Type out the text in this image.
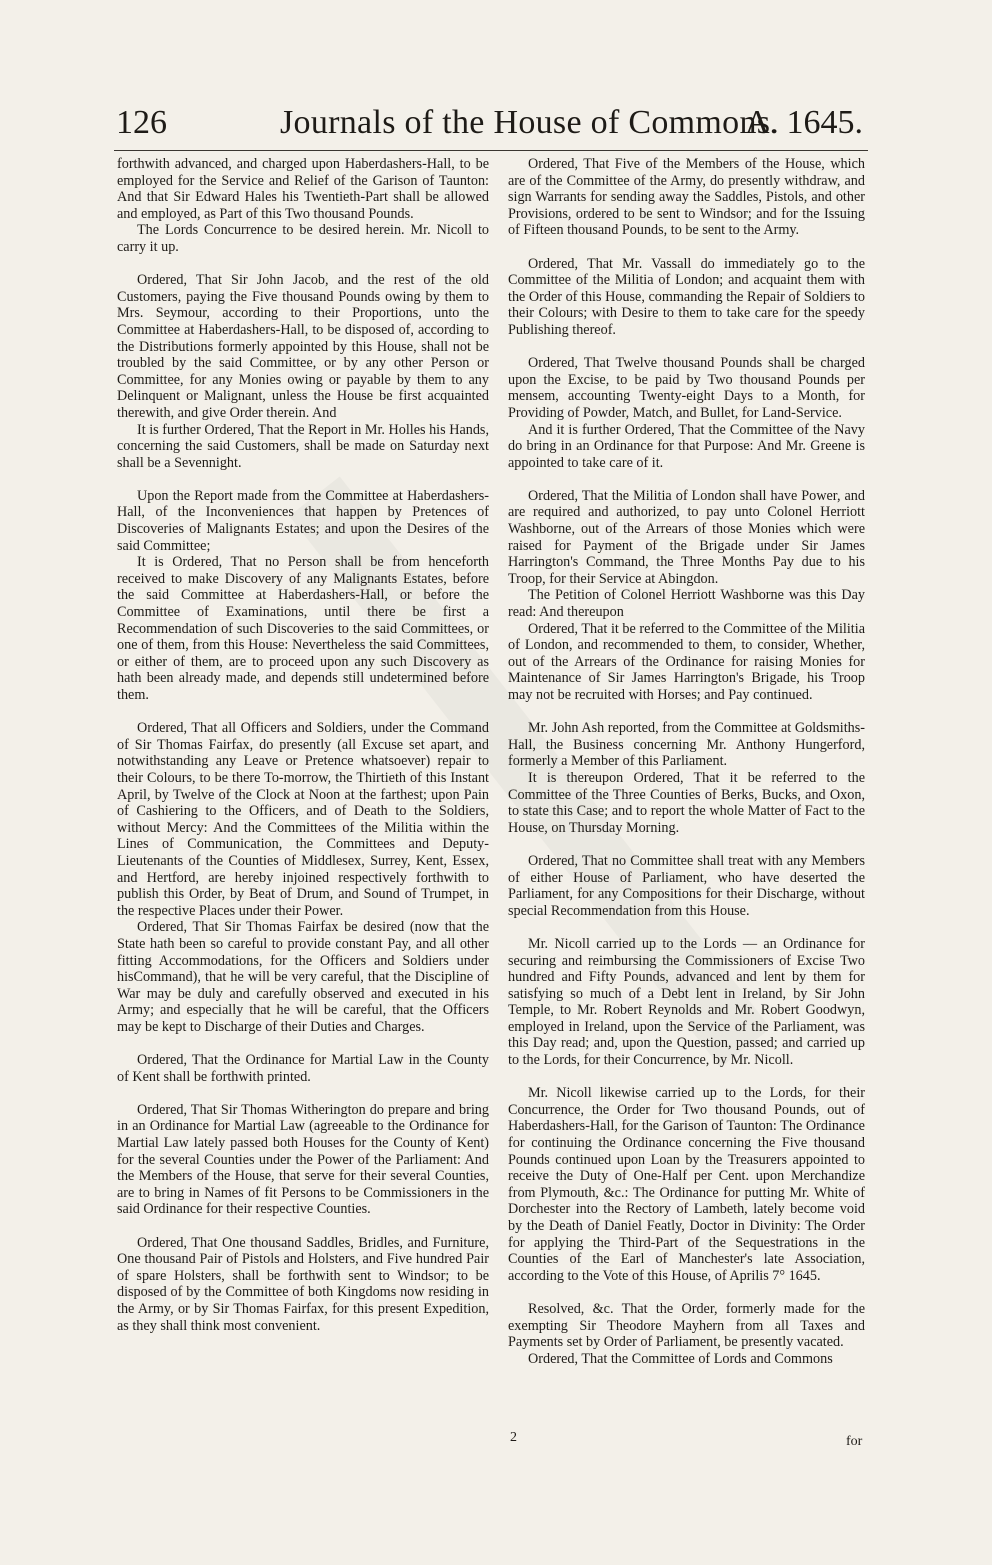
126	Journals of the House of Commons.
A. 1645.

forthwith advanced, and charged upon Haberdashers-Hall, to be employed for the Service and Relief of the Garison of Taunton: And that Sir Edward Hales his Twentieth-Part shall be allowed and employed, as Part of this Two thousand Pounds.

The Lords Concurrence to be desired herein. Mr. Nicoll to carry it up.

Ordered, That Sir John Jacob, and the rest of the old Customers, paying the Five thousand Pounds owing by them to Mrs. Seymour, according to their Proportions, unto the Committee at Haberdashers-Hall, to be disposed of, according to the Distributions formerly appointed by this House, shall not be troubled by the said Committee, or by any other Person or Committee, for any Monies owing or payable by them to any Delinquent or Malignant, unless the House be first acquainted therewith, and give Order therein. And

It is further Ordered, That the Report in Mr. Holles his Hands, concerning the said Customers, shall be made on Saturday next shall be a Sevennight.

Upon the Report made from the Committee at Haberdashers-Hall, of the Inconveniences that happen by Pretences of Discoveries of Malignants Estates; and upon the Desires of the said Committee;

It is Ordered, That no Person shall be from henceforth received to make Discovery of any Malignants Estates, before the said Committee at Haberdashers-Hall, or before the Committee of Examinations, until there be first a Recommendation of such Discoveries to the said Committees, or one of them, from this House: Nevertheless the said Committees, or either of them, are to proceed upon any such Discovery as hath been already made, and depends still undetermined before them.

Ordered, That all Officers and Soldiers, under the Command of Sir Thomas Fairfax, do presently (all Excuse set apart, and notwithstanding any Leave or Pretence whatsoever) repair to their Colours, to be there To-morrow, the Thirtieth of this Instant April, by Twelve of the Clock at Noon at the farthest; upon Pain of Cashiering to the Officers, and of Death to the Soldiers, without Mercy: And the Committees of the Militia within the Lines of Communication, the Committees and Deputy-Lieutenants of the Counties of Middlesex, Surrey, Kent, Essex, and Hertford, are hereby injoined respectively forthwith to publish this Order, by Beat of Drum, and Sound of Trumpet, in the respective Places under their Power.

Ordered, That Sir Thomas Fairfax be desired (now that the State hath been so careful to provide constant Pay, and all other fitting Accommodations, for the Officers and Soldiers under hisCommand), that he will be very careful, that the Discipline of War may be duly and carefully observed and executed in his Army; and especially that he will be careful, that the Officers may be kept to Discharge of their Duties and Charges.

Ordered, That the Ordinance for Martial Law in the County of Kent shall be forthwith printed.

Ordered, That Sir Thomas Witherington do prepare and bring in an Ordinance for Martial Law (agreeable to the Ordinance for Martial Law lately passed both Houses for the County of Kent) for the several Counties under the Power of the Parliament: And the Members of the House, that serve for their several Counties, are to bring in Names of fit Persons to be Commissioners in the said Ordinance for their respective Counties.

Ordered, That One thousand Saddles, Bridles, and Furniture, One thousand Pair of Pistols and Holsters, and Five hundred Pair of spare Holsters, shall be forthwith sent to Windsor; to be disposed of by the Committee of both Kingdoms now residing in the Army, or by Sir Thomas Fairfax, for this present Expedition, as they shall think most convenient.

Ordered, That Five of the Members of the House, which are of the Committee of the Army, do presently withdraw, and sign Warrants for sending away the Saddles, Pistols, and other Provisions, ordered to be sent to Windsor; and for the Issuing of Fifteen thousand Pounds, to be sent to the Army.

Ordered, That Mr. Vassall do immediately go to the Committee of the Militia of London; and acquaint them with the Order of this House, commanding the Repair of Soldiers to their Colours; with Desire to them to take care for the speedy Publishing thereof.

Ordered, That Twelve thousand Pounds shall be charged upon the Excise, to be paid by Two thousand Pounds per mensem, accounting Twenty-eight Days to a Month, for Providing of Powder, Match, and Bullet, for Land-Service.

And it is further Ordered, That the Committee of the Navy do bring in an Ordinance for that Purpose: And Mr. Greene is appointed to take care of it.

Ordered, That the Militia of London shall have Power, and are required and authorized, to pay unto Colonel Herriott Washborne, out of the Arrears of those Monies which were raised for Payment of the Brigade under Sir James Harrington's Command, the Three Months Pay due to his Troop, for their Service at Abingdon.

The Petition of Colonel Herriott Washborne was this Day read: And thereupon

Ordered, That it be referred to the Committee of the Militia of London, and recommended to them, to consider, Whether, out of the Arrears of the Ordinance for raising Monies for Maintenance of Sir James Harrington's Brigade, his Troop may not be recruited with Horses; and Pay continued.

Mr. John Ash reported, from the Committee at Goldsmiths-Hall, the Business concerning Mr. Anthony Hungerford, formerly a Member of this Parliament.

It is thereupon Ordered, That it be referred to the Committee of the Three Counties of Berks, Bucks, and Oxon, to state this Case; and to report the whole Matter of Fact to the House, on Thursday Morning.

Ordered, That no Committee shall treat with any Members of either House of Parliament, who have deserted the Parliament, for any Compositions for their Discharge, without special Recommendation from this House.

Mr. Nicoll carried up to the Lords — an Ordinance for securing and reimbursing the Commissioners of Excise Two hundred and Fifty Pounds, advanced and lent by them for satisfying so much of a Debt lent in Ireland, by Sir John Temple, to Mr. Robert Reynolds and Mr. Robert Goodwyn, employed in Ireland, upon the Service of the Parliament, was this Day read; and, upon the Question, passed; and carried up to the Lords, for their Concurrence, by Mr. Nicoll.

Mr. Nicoll likewise carried up to the Lords, for their Concurrence, the Order for Two thousand Pounds, out of Haberdashers-Hall, for the Garison of Taunton: The Ordinance for continuing the Ordinance concerning the Five thousand Pounds continued upon Loan by the Treasurers appointed to receive the Duty of One-Half per Cent. upon Merchandize from Plymouth, &c.: The Ordinance for putting Mr. White of Dorchester into the Rectory of Lambeth, lately become void by the Death of Daniel Featly, Doctor in Divinity: The Order for applying the Third-Part of the Sequestrations in the Counties of the Earl of Manchester's late Association, according to the Vote of this House, of Aprilis 7° 1645.

Resolved, &c. That the Order, formerly made for the exempting Sir Theodore Mayhern from all Taxes and Payments set by Order of Parliament, be presently vacated.

Ordered, That the Committee of Lords and Commons

2	for
